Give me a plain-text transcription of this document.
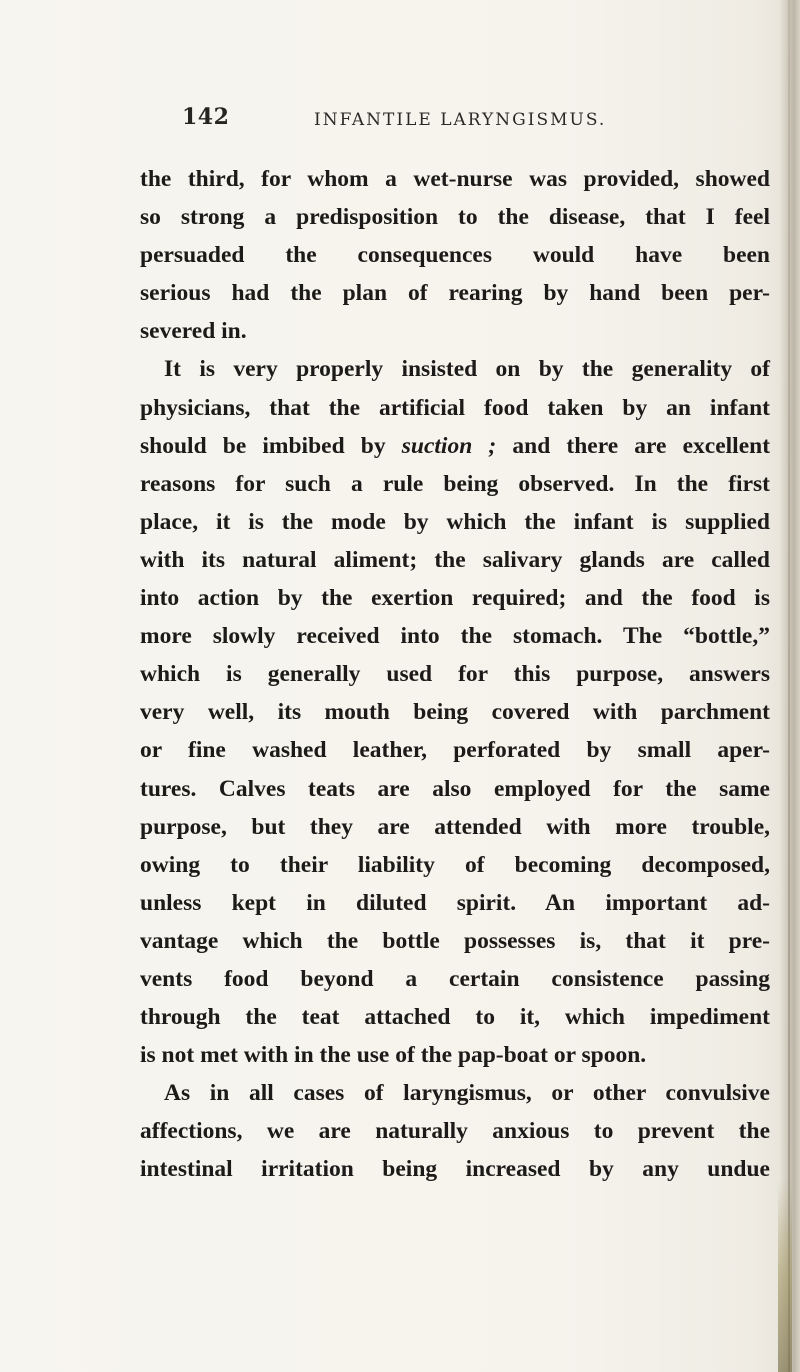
142	INFANTILE LARYNGISMUS.
the third, for whom a wet-nurse was provided, showed
so strong a predisposition to the disease, that I feel
persuaded the consequences would have been
serious had the plan of rearing by hand been per-
severed in.
It is very properly insisted on by the generality of
physicians, that the artificial food taken by an infant
should be imbibed by suction ; and there are excellent
reasons for such a rule being observed. In the first
place, it is the mode by which the infant is supplied
with its natural aliment; the salivary glands are called
into action by the exertion required; and the food is
more slowly received into the stomach. The “bottle,”
which is generally used for this purpose, answers
very well, its mouth being covered with parchment
or fine washed leather, perforated by small aper-
tures. Calves teats are also employed for the same
purpose, but they are attended with more trouble,
owing to their liability of becoming decomposed,
unless kept in diluted spirit. An important ad-
vantage which the bottle possesses is, that it pre-
vents food beyond a certain consistence passing
through the teat attached to it, which impediment
is not met with in the use of the pap-boat or spoon.
As in all cases of laryngismus, or other convulsive
affections, we are naturally anxious to prevent the
intestinal irritation being increased by any undue
